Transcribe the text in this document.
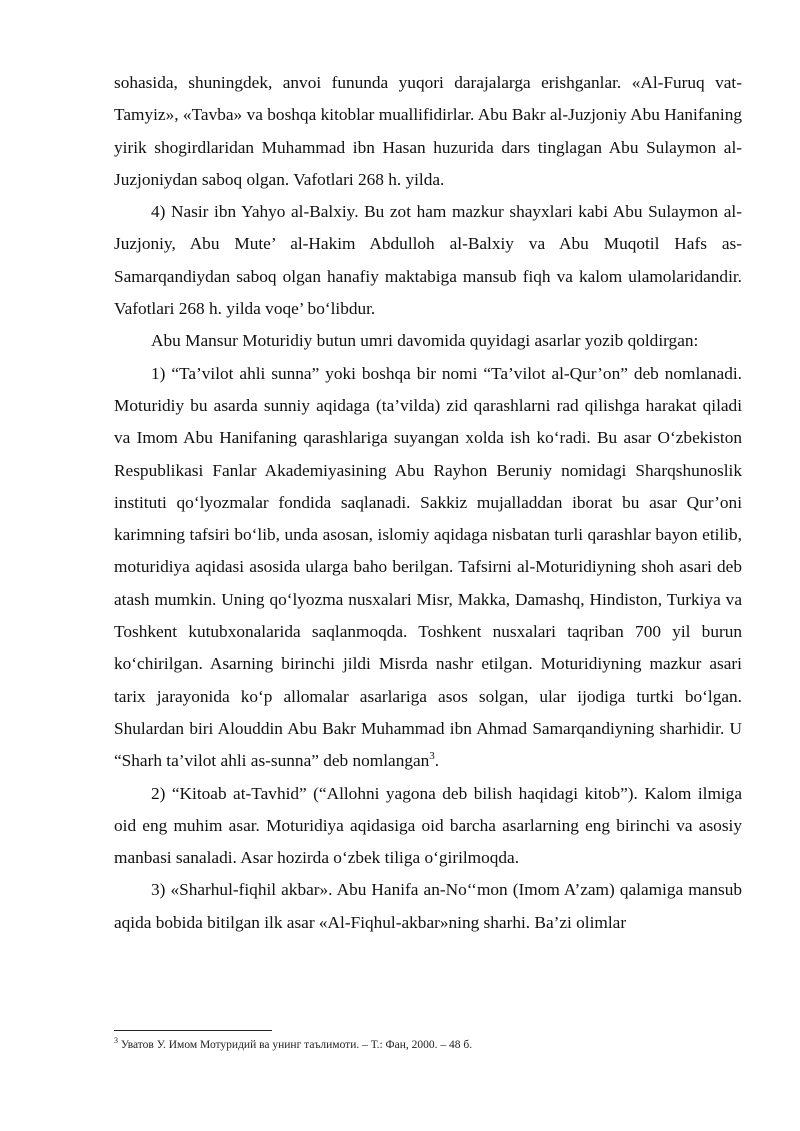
sohasida, shuningdek, anvoi fununda yuqori darajalarga erishganlar. «Al-Furuq vat-Tamyiz», «Tavba» va boshqa kitoblar muallifidirlar. Abu Bakr al-Juzjoniy Abu Hanifaning yirik shogirdlaridan Muhammad ibn Hasan huzurida dars tinglagan Abu Sulaymon al-Juzjoniydan saboq olgan. Vafotlari 268 h. yilda.

4) Nasir ibn Yahyo al-Balxiy. Bu zot ham mazkur shayxlari kabi Abu Sulaymon al-Juzjoniy, Abu Mute’ al-Hakim Abdulloh al-Balxiy va Abu Muqotil Hafs as-Samarqandiydan saboq olgan hanafiy maktabiga mansub fiqh va kalom ulamolaridandir. Vafotlari 268 h. yilda voqe’ bo‘libdur.

Abu Mansur Moturidiy butun umri davomida quyidagi asarlar yozib qoldirgan:

1) “Ta’vilot ahli sunna” yoki boshqa bir nomi “Ta’vilot al-Qur’on” deb nomlanadi. Moturidiy bu asarda sunniy aqidaga (ta’vilda) zid qarashlarni rad qilishga harakat qiladi va Imom Abu Hanifaning qarashlariga suyangan xolda ish ko‘radi. Bu asar O‘zbekiston Respublikasi Fanlar Akademiyasining Abu Rayhon Beruniy nomidagi Sharqshunoslik instituti qo‘lyozmalar fondida saqlanadi. Sakkiz mujalladdan iborat bu asar Qur’oni karimning tafsiri bo‘lib, unda asosan, islomiy aqidaga nisbatan turli qarashlar bayon etilib, moturidiya aqidasi asosida ularga baho berilgan. Tafsirni al-Moturidiyning shoh asari deb atash mumkin. Uning qo‘lyozma nusxalari Misr, Makka, Damashq, Hindiston, Turkiya va Toshkent kutubxonalarida saqlanmoqda. Toshkent nusxalari taqriban 700 yil burun ko‘chirilgan. Asarning birinchi jildi Misrda nashr etilgan. Moturidiyning mazkur asari tarix jarayonida ko‘p allomalar asarlariga asos solgan, ular ijodiga turtki bo‘lgan. Shulardan biri Alouddin Abu Bakr Muhammad ibn Ahmad Samarqandiyning sharhidir. U “Sharh ta’vilot ahli as-sunna” deb nomlangan$^3$.

2) “Kitoab at-Tavhid” (“Allohni yagona deb bilish haqidagi kitob”). Kalom ilmiga oid eng muhim asar. Moturidiya aqidasiga oid barcha asarlarning eng birinchi va asosiy manbasi sanaladi. Asar hozirda o‘zbek tiliga o‘girilmoqda.

3) «Sharhul-fiqhil akbar». Abu Hanifa an-No‘‘mon (Imom A’zam) qalamiga mansub aqida bobida bitilgan ilk asar «Al-Fiqhul-akbar»ning sharhi. Ba’zi olimlar

$^3$ Уватов У. Имом Мотуридий ва унинг таълимоти. – Т.: Фан, 2000. – 48 б.
